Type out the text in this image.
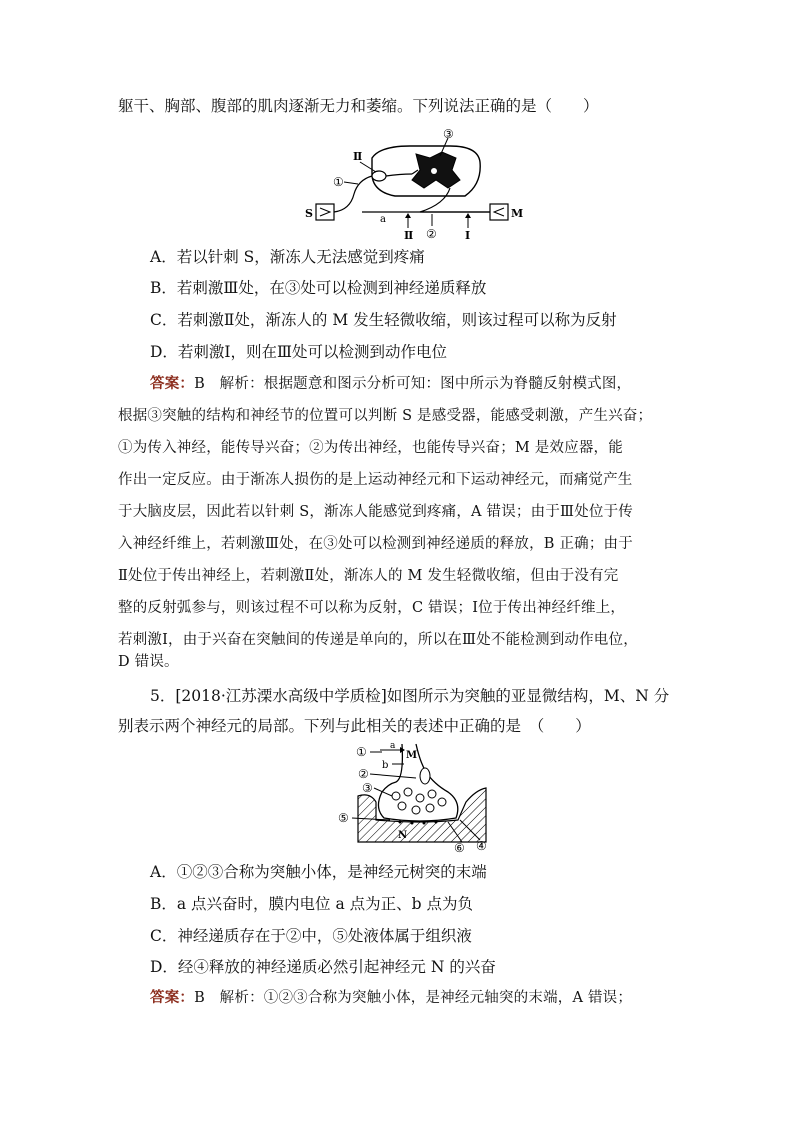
躯干、胸部、腹部的肌肉逐渐无力和萎缩。下列说法正确的是（　　）
③
Ⅱ
①
S	a
Ⅱ ②	Ⅰ
M
A．若以针刺 S，渐冻人无法感觉到疼痛
B．若刺激Ⅲ处，在③处可以检测到神经递质释放
C．若刺激Ⅱ处，渐冻人的 M 发生轻微收缩，则该过程可以称为反射
D．若刺激Ⅰ，则在Ⅲ处可以检测到动作电位
答案：B　解析：根据题意和图示分析可知：图中所示为脊髓反射模式图，
根据③突触的结构和神经节的位置可以判断 S 是感受器，能感受刺激，产生兴奋；
①为传入神经，能传导兴奋；②为传出神经，也能传导兴奋；M 是效应器，能
作出一定反应。由于渐冻人损伤的是上运动神经元和下运动神经元，而痛觉产生
于大脑皮层，因此若以针刺 S，渐冻人能感觉到疼痛，A 错误；由于Ⅲ处位于传
入神经纤维上，若刺激Ⅲ处，在③处可以检测到神经递质的释放，B 正确；由于
Ⅱ处位于传出神经上，若刺激Ⅱ处，渐冻人的 M 发生轻微收缩，但由于没有完
整的反射弧参与，则该过程不可以称为反射，C 错误；Ⅰ位于传出神经纤维上，
若刺激Ⅰ，由于兴奋在突触间的传递是单向的，所以在Ⅲ处不能检测到动作电位，
D 错误。
5．[2018·江苏溧水高级中学质检]如图所示为突触的亚显微结构，M、N 分
别表示两个神经元的局部。下列与此相关的表述中正确的是　（　　）
①	a
M
b
②
③
⑤
N
⑥ ④
A．①②③合称为突触小体，是神经元树突的末端
B．a 点兴奋时，膜内电位 a 点为正、b 点为负
C．神经递质存在于②中，⑤处液体属于组织液
D．经④释放的神经递质必然引起神经元 N 的兴奋
答案：B　解析：①②③合称为突触小体，是神经元轴突的末端，A 错误；
